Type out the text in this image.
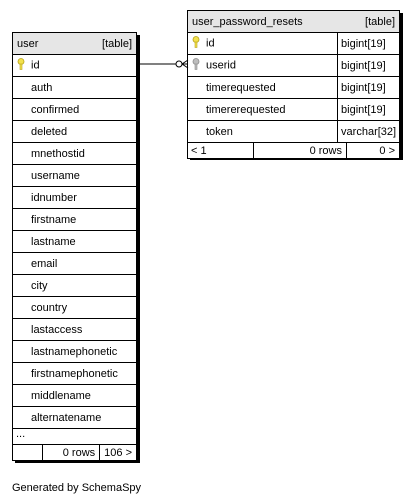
user	[table]

id
auth
confirmed
deleted
mnethostid
username
idnumber
firstname
lastname
email
city
country
lastaccess
lastnamephonetic
firstnamephonetic
middlename
alternatename
...

	0 rows	106 >
user_password_resets	[table]

id	bigint[19]
userid	bigint[19]
timerequested	bigint[19]
timererequested	bigint[19]
token	varchar[32]

< 1	0 rows	0 >
Generated by SchemaSpy
